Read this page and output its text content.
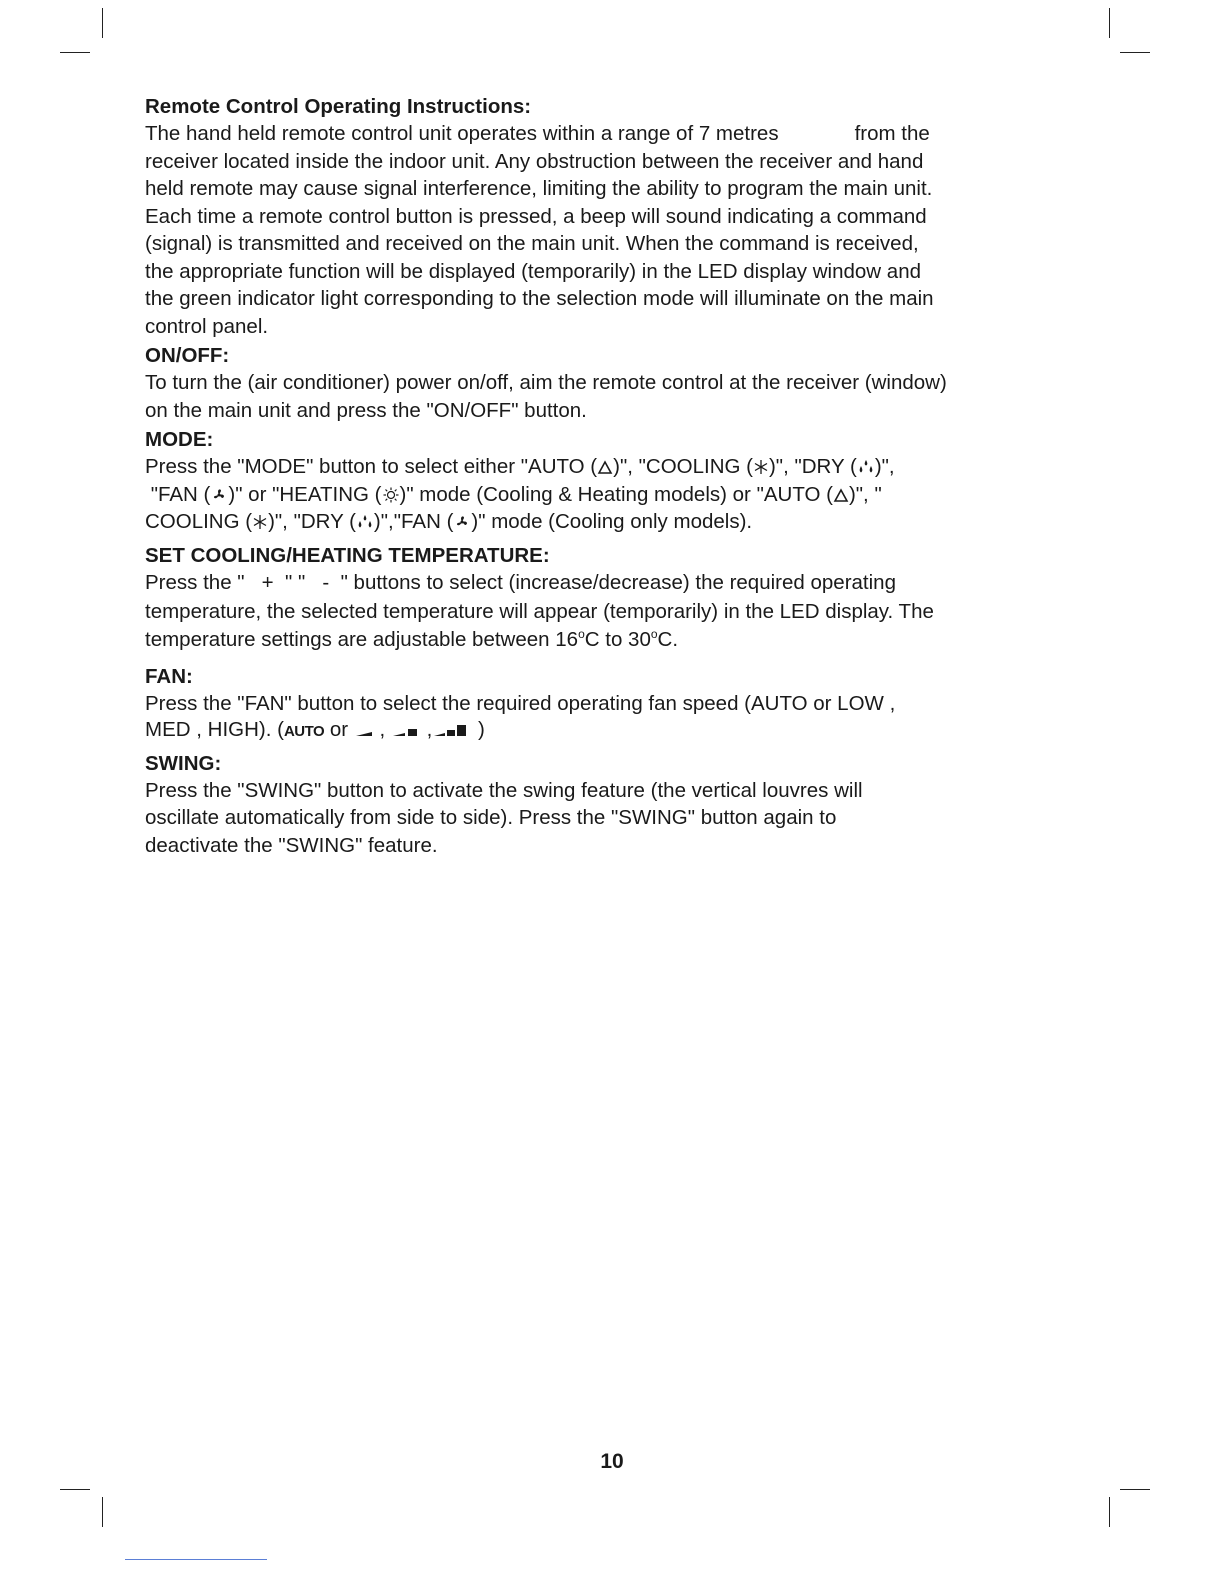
Remote Control Operating Instructions:

The hand held remote control unit operates within a range of 7 metres	from the

receiver located inside the indoor unit. Any obstruction between the receiver and hand

held remote may cause signal interference, limiting the ability to program the main unit.

Each time a remote control button is pressed, a beep will sound indicating a command

(signal) is transmitted and received on the main unit. When the command is received,

the appropriate function will be displayed (temporarily) in the LED display window and

the green indicator light corresponding to the selection mode will illuminate on the main

control panel.

ON/OFF:

To turn the (air conditioner) power on/off, aim the remote control at the receiver (window)

on the main unit and press the "ON/OFF" button.

MODE:

Press the "MODE" button to select either "AUTO ( )", "COOLING ( )", "DRY ( )",

"FAN ( )" or "HEATING ( )" mode (Cooling & Heating models) or "AUTO ( )", "

COOLING ( )", "DRY ( )","FAN ( )" mode (Cooling only models).

SET COOLING/HEATING TEMPERATURE:

Press the "   +  " "   -  " buttons to select (increase/decrease) the required operating

temperature, the selected temperature will appear (temporarily) in the LED display. The

temperature settings are adjustable between 16$^o$C to 30$^o$C.

FAN:

Press the "FAN" button to select the required operating fan speed (AUTO or LOW ,

MED , HIGH). (AUTO or
,
,
)

SWING:

Press the "SWING" button to activate the swing feature (the vertical louvres will

oscillate automatically from side to side). Press the "SWING" button again to

deactivate the "SWING" feature.

10
